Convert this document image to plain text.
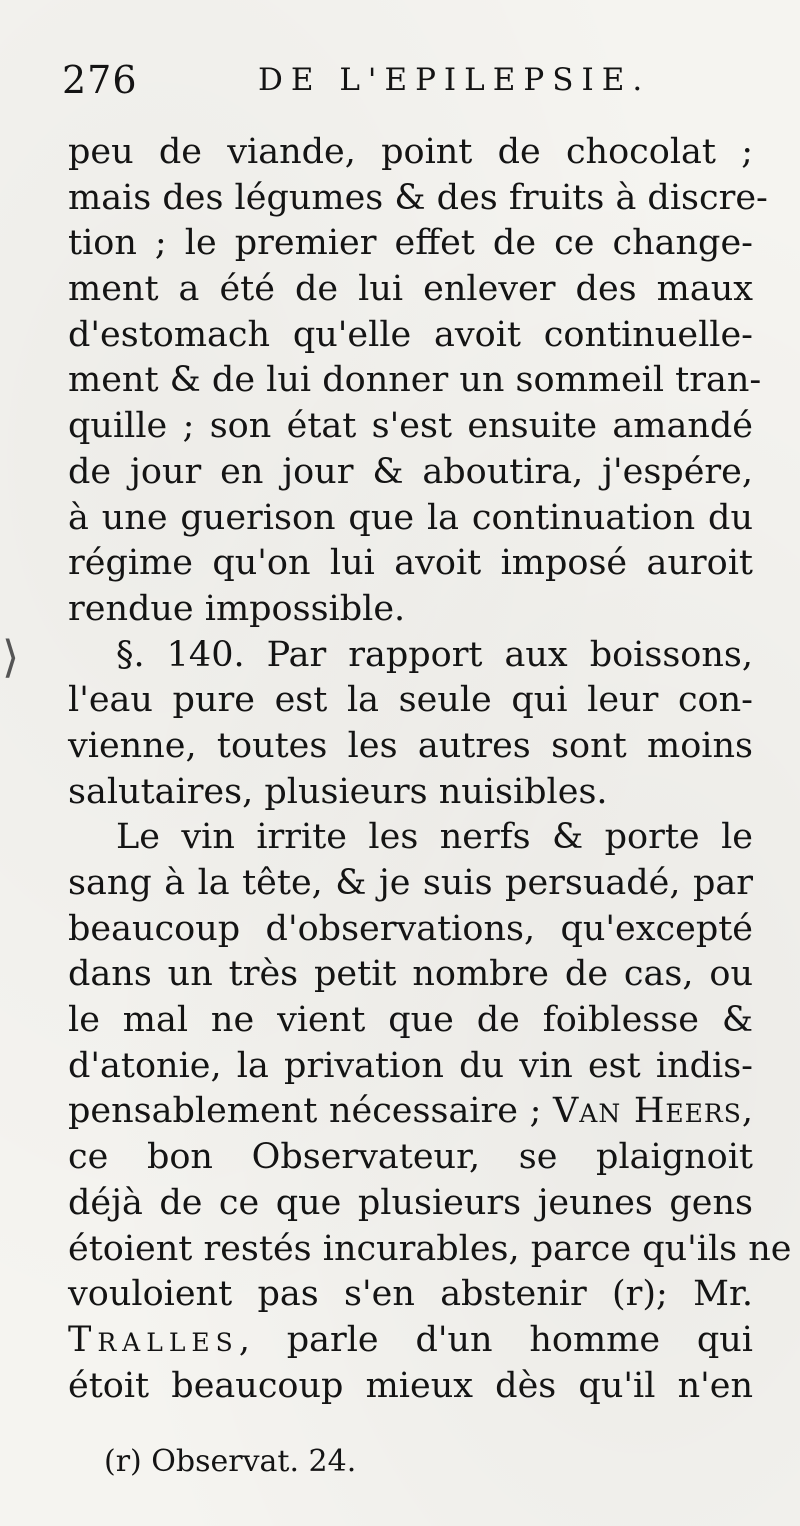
⟩
276	DE L'EPILEPSIE.
peu de viande, point de chocolat ;
mais des légumes & des fruits à discre-
tion ; le premier effet de ce change-
ment a été de lui enlever des maux
d'estomach qu'elle avoit continuelle-
ment & de lui donner un sommeil tran-
quille ; son état s'est ensuite amandé
de jour en jour & aboutira, j'espére,
à une guerison que la continuation du
régime qu'on lui avoit imposé auroit
rendue impossible.
§. 140. Par rapport aux boissons,
l'eau pure est la seule qui leur con-
vienne, toutes les autres sont moins
salutaires, plusieurs nuisibles.
Le vin irrite les nerfs & porte le
sang à la tête, & je suis persuadé, par
beaucoup d'observations, qu'excepté
dans un très petit nombre de cas, ou
le mal ne vient que de foiblesse &
d'atonie, la privation du vin est indis-
pensablement nécessaire ; Van Heers,
ce bon Observateur, se plaignoit
déjà de ce que plusieurs jeunes gens
étoient restés incurables, parce qu'ils ne
vouloient pas s'en abstenir (r); Mr.
Tralles, parle d'un homme qui
étoit beaucoup mieux dès qu'il n'en
(r) Observat. 24.
